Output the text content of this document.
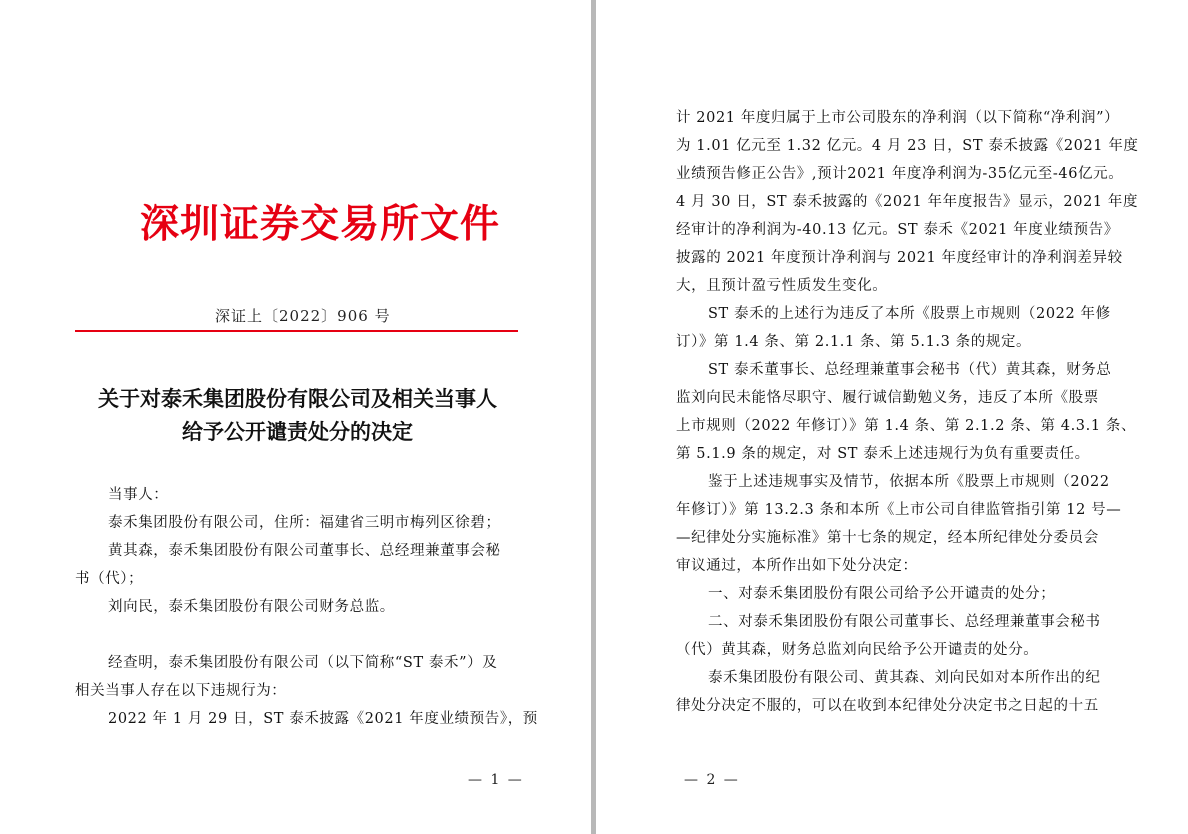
深圳证券交易所文件
深证上〔2022〕906 号
关于对泰禾集团股份有限公司及相关当事人
给予公开谴责处分的决定
当事人：
泰禾集团股份有限公司，住所：福建省三明市梅列区徐碧；
黄其森，泰禾集团股份有限公司董事长、总经理兼董事会秘
书（代）；
刘向民，泰禾集团股份有限公司财务总监。
经查明，泰禾集团股份有限公司（以下简称“ST 泰禾”）及
相关当事人存在以下违规行为：
2022 年 1 月 29 日，ST 泰禾披露《2021 年度业绩预告》，预
— 1 —
计 2021 年度归属于上市公司股东的净利润（以下简称“净利润”）
为 1.01 亿元至 1.32 亿元。4 月 23 日，ST 泰禾披露《2021 年度
业绩预告修正公告》,预计2021 年度净利润为-35亿元至-46亿元。
4 月 30 日，ST 泰禾披露的《2021 年年度报告》显示，2021 年度
经审计的净利润为-40.13 亿元。ST 泰禾《2021 年度业绩预告》
披露的 2021 年度预计净利润与 2021 年度经审计的净利润差异较
大，且预计盈亏性质发生变化。
ST 泰禾的上述行为违反了本所《股票上市规则（2022 年修
订）》第 1.4 条、第 2.1.1 条、第 5.1.3 条的规定。
ST 泰禾董事长、总经理兼董事会秘书（代）黄其森，财务总
监刘向民未能恪尽职守、履行诚信勤勉义务，违反了本所《股票
上市规则（2022 年修订）》第 1.4 条、第 2.1.2 条、第 4.3.1 条、
第 5.1.9 条的规定，对 ST 泰禾上述违规行为负有重要责任。
鉴于上述违规事实及情节，依据本所《股票上市规则（2022
年修订）》第 13.2.3 条和本所《上市公司自律监管指引第 12 号—
—纪律处分实施标准》第十七条的规定，经本所纪律处分委员会
审议通过，本所作出如下处分决定：
一、对泰禾集团股份有限公司给予公开谴责的处分；
二、对泰禾集团股份有限公司董事长、总经理兼董事会秘书
（代）黄其森，财务总监刘向民给予公开谴责的处分。
泰禾集团股份有限公司、黄其森、刘向民如对本所作出的纪
律处分决定不服的，可以在收到本纪律处分决定书之日起的十五
— 2 —
